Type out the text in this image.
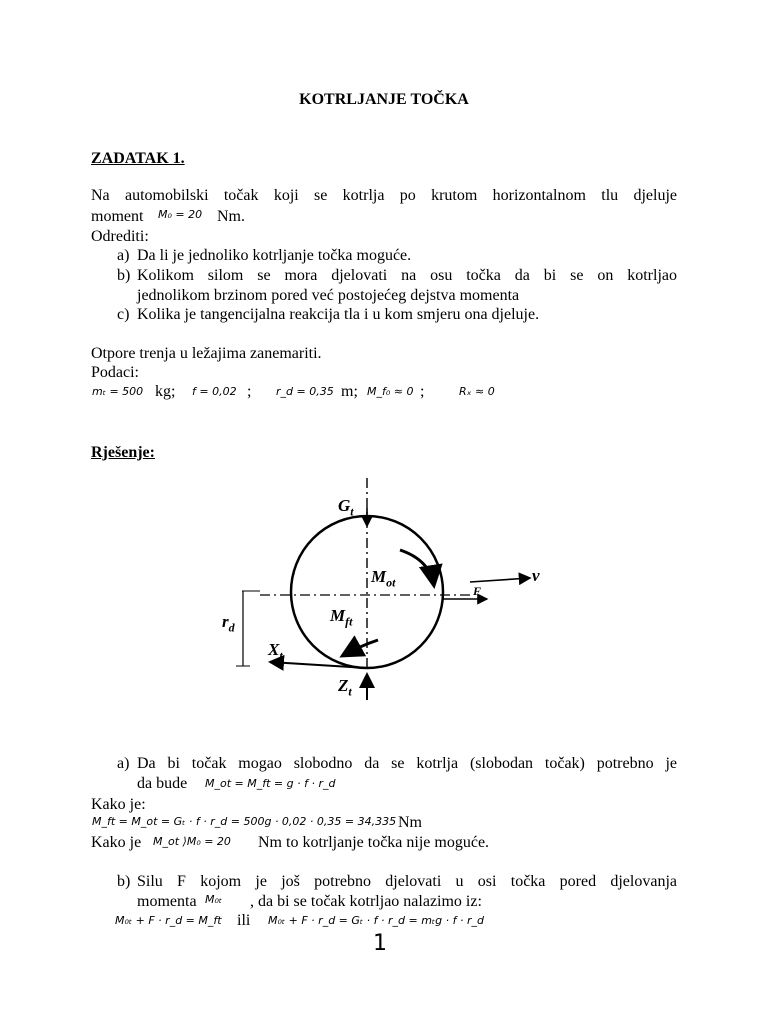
KOTRLJANJE TOČKA
ZADATAK 1.
Na automobilski točak koji se kotrlja po krutom horizontalnom tlu djeluje
moment M₀ = 20 Nm.
Odrediti:
a) Da li je jednoliko kotrljanje točka moguće.
b) Kolikom silom se mora djelovati na osu točka da bi se on kotrljao
jednolikom brzinom pored već postojećeg dejstva momenta
c) Kolika je tangencijalna reakcija tla i u kom smjeru ona djeluje.
Otpore trenja u ležajima zanemariti.
Podaci:
mₜ = 500 kg; f = 0,02 ; r_d = 0,35 m; M_f₀ ≈ 0 ;	Rₓ ≈ 0
Rješenje:
$G_t$
$M_{ot}$	v
F
$r_d$
$M_{ft}$
$X_t$
$Z_t$
a) Da bi točak mogao slobodno da se kotrlja (slobodan točak) potrebno je
da bude M_ot = M_ft = g · f · r_d
Kako je:
M_ft = M_ot = Gₜ · f · r_d = 500g · 0,02 · 0,35 = 34,335 Nm
Kako je M_ot ⟩M₀ = 20 Nm to kotrljanje točka nije moguće.
b) Silu F kojom je još potrebno djelovati u osi točka pored djelovanja
momenta M₀ₜ , da bi se točak kotrljao nalazimo iz:
M₀ₜ + F · r_d = M_ft ili M₀ₜ + F · r_d = Gₜ · f · r_d = mₜg · f · r_d
1
